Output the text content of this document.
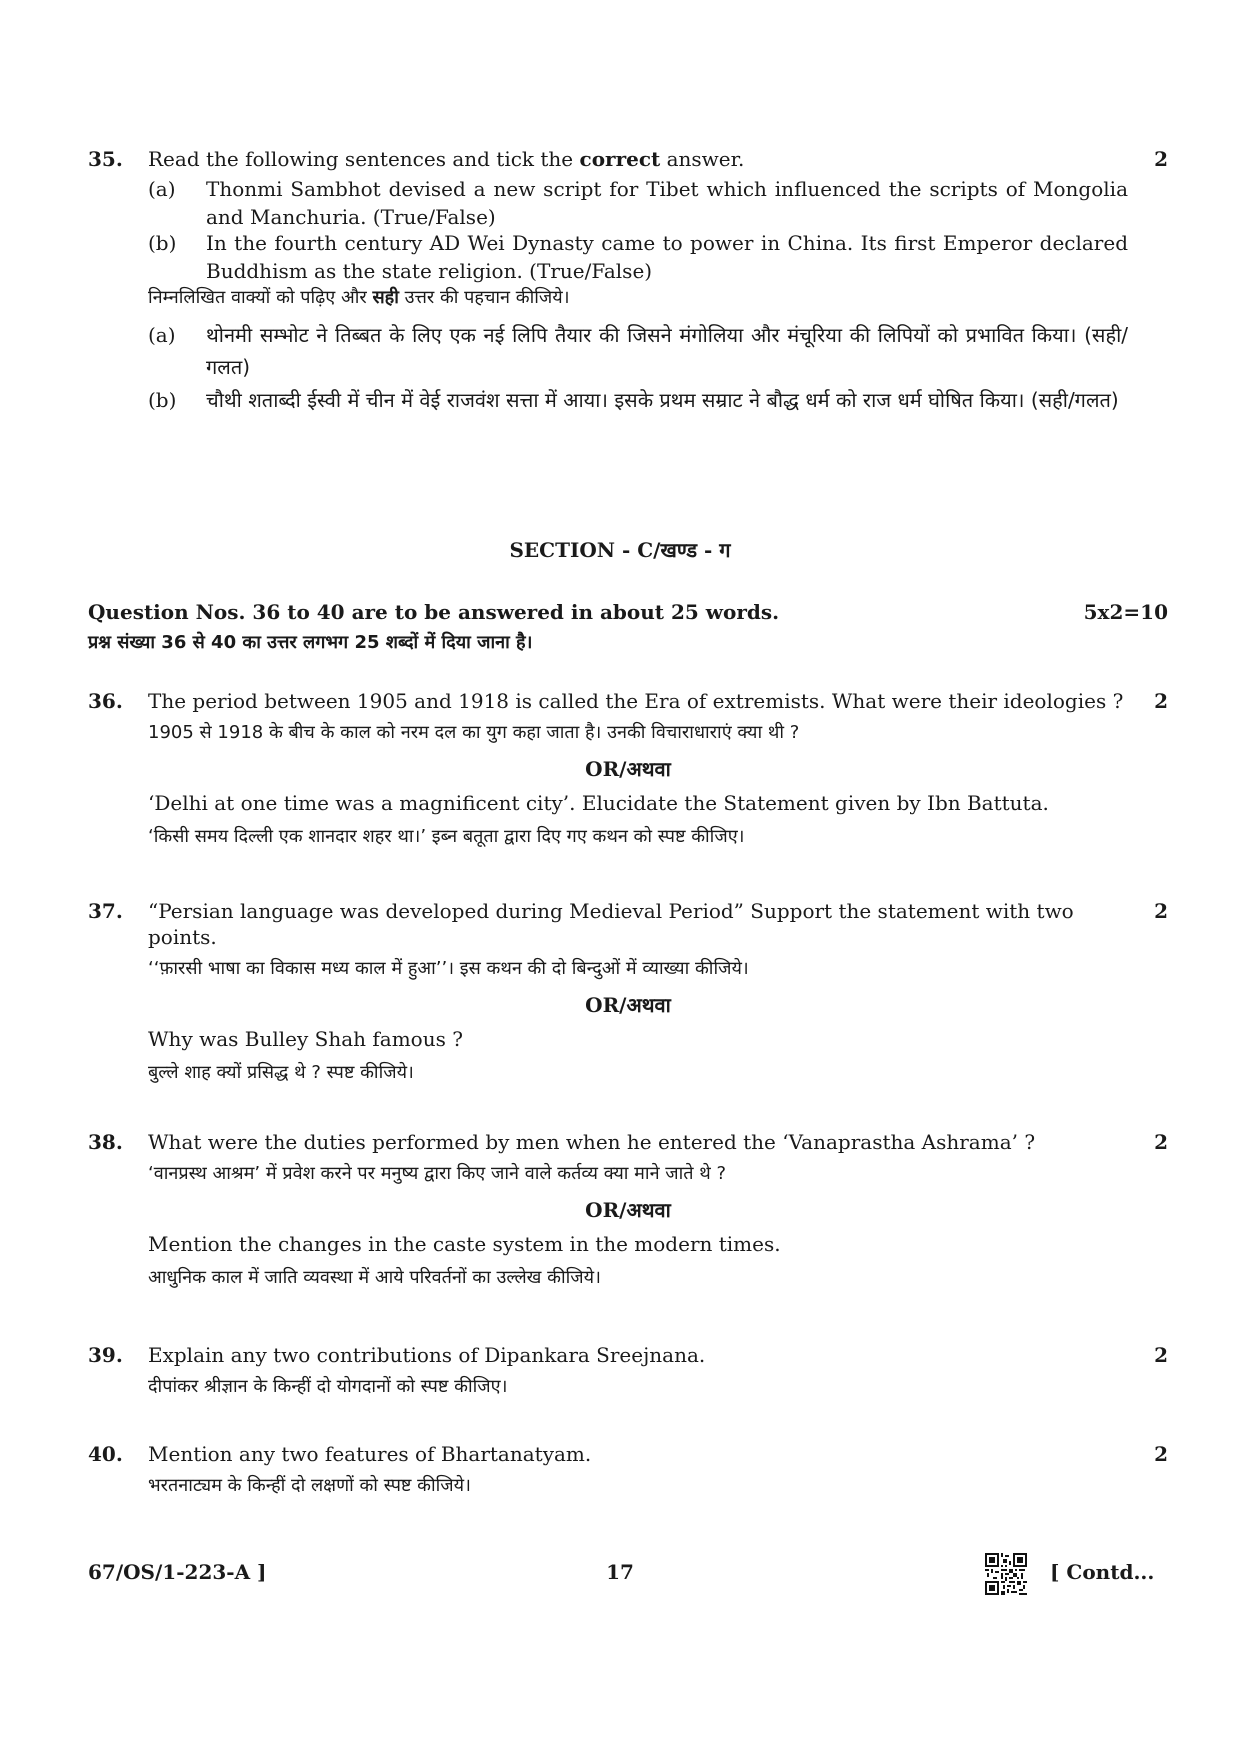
35.	2
Read the following sentences and tick the correct answer.
(a) Thonmi Sambhot devised a new script for Tibet which influenced the scripts of Mongolia and Manchuria. (True/False)
(b) In the fourth century AD Wei Dynasty came to power in China. Its first Emperor declared Buddhism as the state religion. (True/False)
निम्नलिखित वाक्यों को पढ़िए और सही उत्तर की पहचान कीजिये।
(a) थोनमी सम्भोट ने तिब्बत के लिए एक नई लिपि तैयार की जिसने मंगोलिया और मंचूरिया की लिपियों को प्रभावित किया। (सही/गलत)
(b) चौथी शताब्दी ईस्वी में चीन में वेई राजवंश सत्ता में आया। इसके प्रथम सम्राट ने बौद्ध धर्म को राज धर्म घोषित किया। (सही/गलत)
SECTION - C/खण्ड - ग
Question Nos. 36 to 40 are to be answered in about 25 words.	5x2=10
प्रश्न संख्या 36 से 40 का उत्तर लगभग 25 शब्दों में दिया जाना है।
36.	2
The period between 1905 and 1918 is called the Era of extremists. What were their ideologies ?
1905 से 1918 के बीच के काल को नरम दल का युग कहा जाता है। उनकी विचाराधाराएं क्या थी ?
OR/अथवा
‘Delhi at one time was a magnificent city’. Elucidate the Statement given by Ibn Battuta.
‘किसी समय दिल्ली एक शानदार शहर था।’ इब्न बतूता द्वारा दिए गए कथन को स्पष्ट कीजिए।
37.	2
“Persian language was developed during Medieval Period” Support the statement with two
points.
‘‘फ़ारसी भाषा का विकास मध्य काल में हुआ’’। इस कथन की दो बिन्दुओं में व्याख्या कीजिये।
OR/अथवा
Why was Bulley Shah famous ?
बुल्ले शाह क्यों प्रसिद्ध थे ? स्पष्ट कीजिये।
38.	2
What were the duties performed by men when he entered the ‘Vanaprastha Ashrama’ ?
‘वानप्रस्थ आश्रम’ में प्रवेश करने पर मनुष्य द्वारा किए जाने वाले कर्तव्य क्या माने जाते थे ?
OR/अथवा
Mention the changes in the caste system in the modern times.
आधुनिक काल में जाति व्यवस्था में आये परिवर्तनों का उल्लेख कीजिये।
39.	2
Explain any two contributions of Dipankara Sreejnana.
दीपांकर श्रीज्ञान के किन्हीं दो योगदानों को स्पष्ट कीजिए।
40.	2
Mention any two features of Bhartanatyam.
भरतनाट्यम के किन्हीं दो लक्षणों को स्पष्ट कीजिये।
67/OS/1-223-A ]	17	[ Contd...
